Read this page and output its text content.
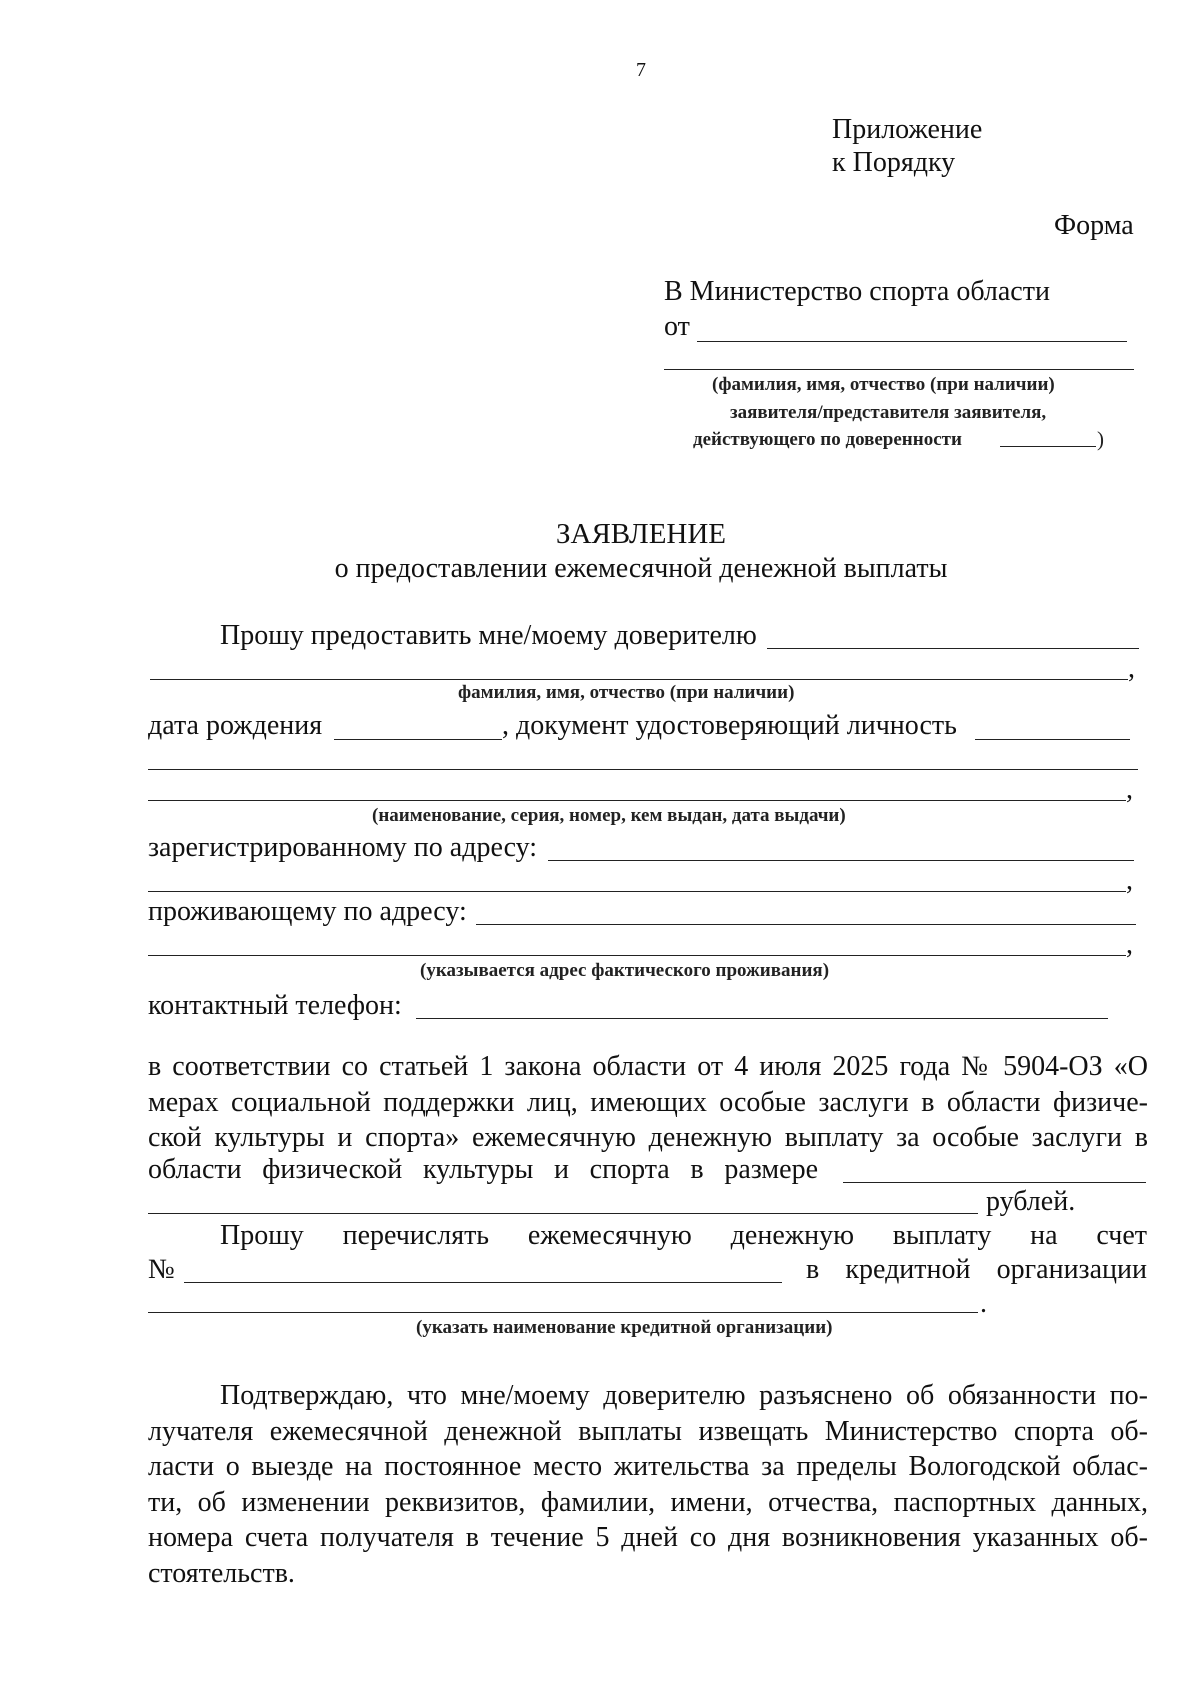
7
Приложение
к Порядку
Форма
В Министерство спорта области
от
(фамилия, имя, отчество (при наличии)
заявителя/представителя заявителя,
действующего по доверенности	)
ЗАЯВЛЕНИЕ
о предоставлении ежемесячной денежной выплаты
Прошу предоставить мне/моему доверителю
,
фамилия, имя, отчество (при наличии)
дата рождения	, документ удостоверяющий личность
,
(наименование, серия, номер, кем выдан, дата выдачи)
зарегистрированному по адресу:
,
проживающему по адресу:
,
(указывается адрес фактического проживания)
контактный телефон:
в соответствии со статьей 1 закона области от 4 июля 2025 года № 5904-ОЗ «О
мерах социальной поддержки лиц, имеющих особые заслуги в области физиче-
ской культуры и спорта» ежемесячную денежную выплату за особые заслуги в
области физической культуры и спорта в размере
рублей.
Прошу перечислять ежемесячную денежную выплату на счет
№	в кредитной организации
.
(указать наименование кредитной организации)
Подтверждаю, что мне/моему доверителю разъяснено об обязанности по-
лучателя ежемесячной денежной выплаты извещать Министерство спорта об-
ласти о выезде на постоянное место жительства за пределы Вологодской облас-
ти, об изменении реквизитов, фамилии, имени, отчества, паспортных данных,
номера счета получателя в течение 5 дней со дня возникновения указанных об-
стоятельств.
